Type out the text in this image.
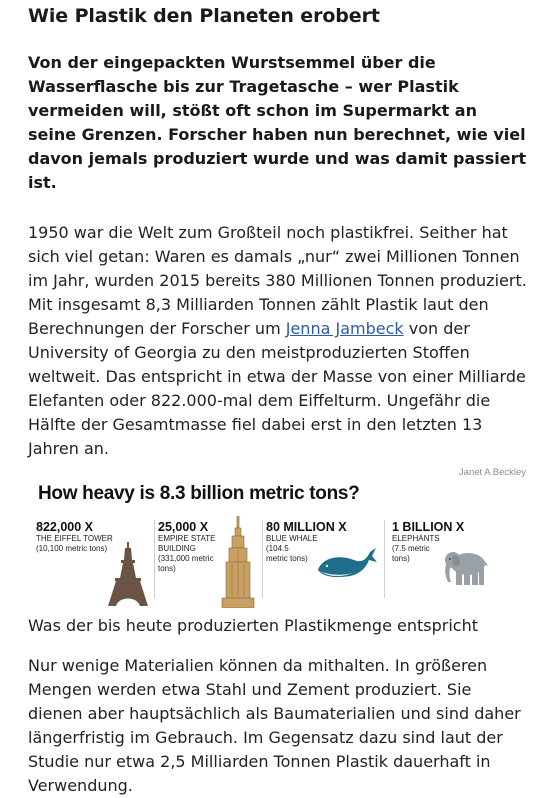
Wie Plastik den Planeten erobert

Von der eingepackten Wurstsemmel über die Wasserflasche bis zur Tragetasche – wer Plastik vermeiden will, stößt oft schon im Supermarkt an seine Grenzen. Forscher haben nun berechnet, wie viel davon jemals produziert wurde und was damit passiert ist.

1950 war die Welt zum Großteil noch plastikfrei. Seither hat sich viel getan: Waren es damals „nur“ zwei Millionen Tonnen im Jahr, wurden 2015 bereits 380 Millionen Tonnen produziert. Mit insgesamt 8,3 Milliarden Tonnen zählt Plastik laut den Berechnungen der Forscher um Jenna Jambeck von der University of Georgia zu den meistproduzierten Stoffen weltweit. Das entspricht in etwa der Masse von einer Milliarde Elefanten oder 822.000-mal dem Eiffelturm. Ungefähr die Hälfte der Gesamtmasse fiel dabei erst in den letzten 13 Jahren an.

Janet A Beckley
How heavy is 8.3 billion metric tons?
822,000 X
THE EIFFEL TOWER
(10,100 metric tons)
25,000 X
EMPIRE STATE BUILDING
(331,000 metric tons)
80 MILLION X
BLUE WHALE
(104.5 metric tons)
1 BILLION X
ELEPHANTS
(7.5 metric tons)

Was der bis heute produzierten Plastikmenge entspricht

Nur wenige Materialien können da mithalten. In größeren Mengen werden etwa Stahl und Zement produziert. Sie dienen aber hauptsächlich als Baumaterialien und sind daher längerfristig im Gebrauch. Im Gegensatz dazu sind laut der Studie nur etwa 2,5 Milliarden Tonnen Plastik dauerhaft in Verwendung.
